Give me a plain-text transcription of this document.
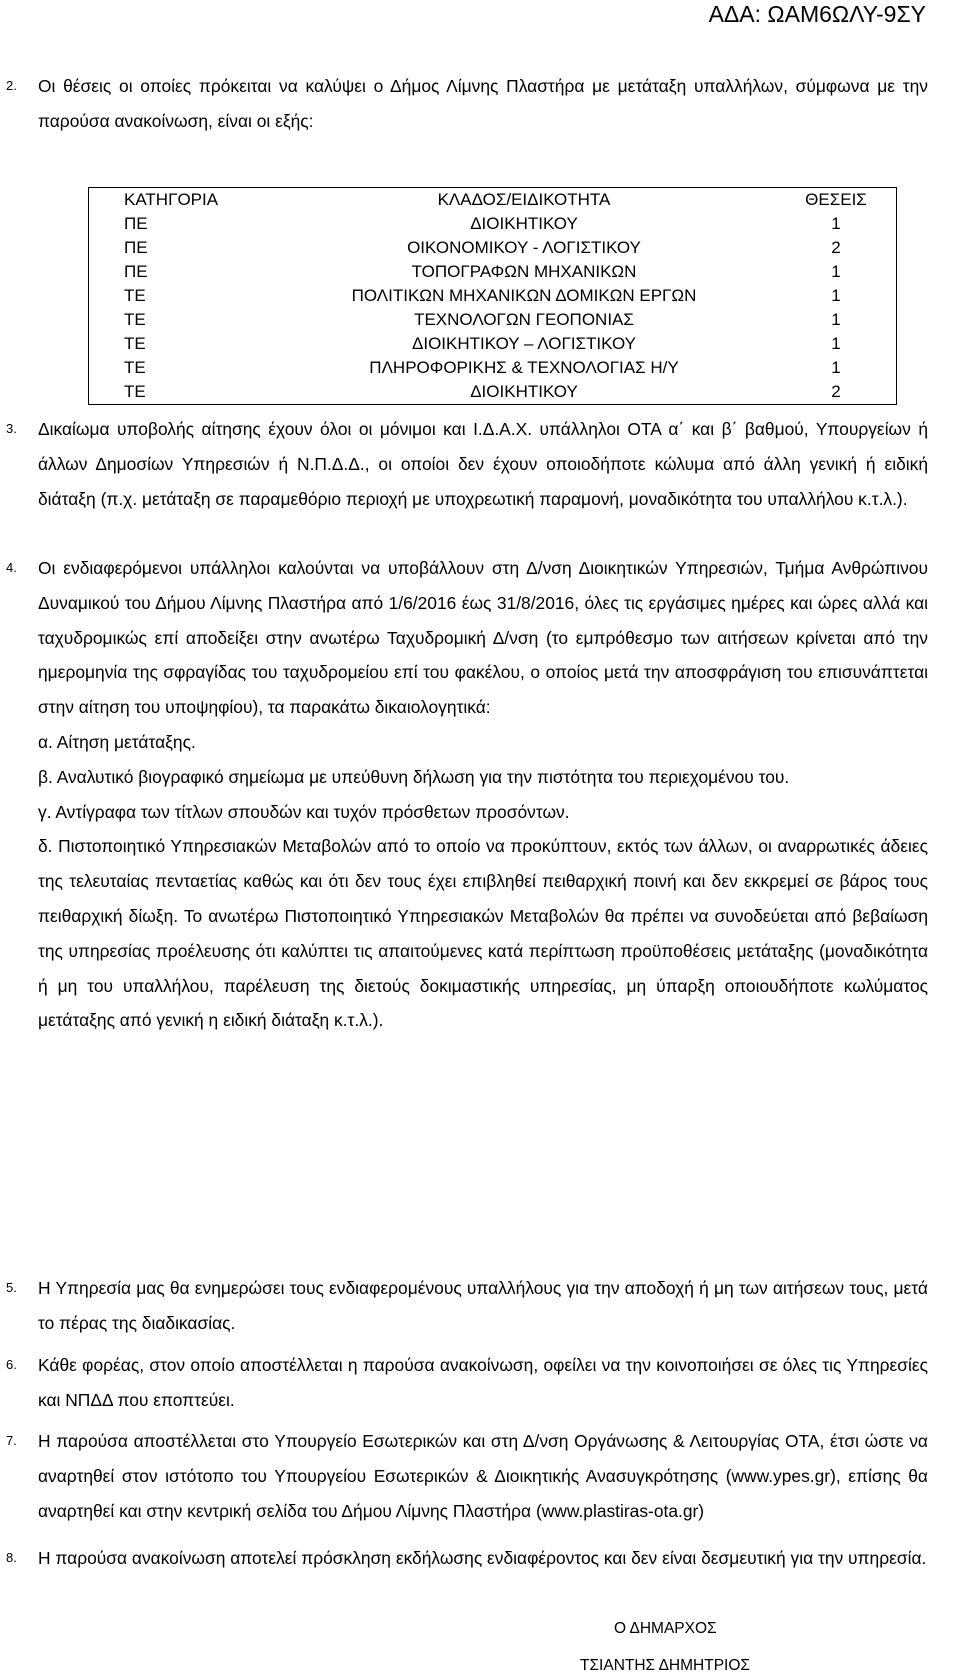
ΑΔΑ: ΩΑΜ6ΩΛΥ-9ΣΥ
2. Οι θέσεις οι οποίες πρόκειται να καλύψει ο Δήμος Λίμνης Πλαστήρα με μετάταξη υπαλλήλων, σύμφωνα με την παρούσα ανακοίνωση, είναι οι εξής:
ΚΑΤΗΓΟΡΙΑ	ΚΛΑΔΟΣ/ΕΙΔΙΚΟΤΗΤΑ	ΘΕΣΕΙΣ
ΠΕ	ΔΙΟΙΚΗΤΙΚΟΥ	1
ΠΕ	ΟΙΚΟΝΟΜΙΚΟΥ - ΛΟΓΙΣΤΙΚΟΥ	2
ΠΕ	ΤΟΠΟΓΡΑΦΩΝ ΜΗΧΑΝΙΚΩΝ	1
ΤΕ	ΠΟΛΙΤΙΚΩΝ ΜΗΧΑΝΙΚΩΝ ΔΟΜΙΚΩΝ ΕΡΓΩΝ	1
ΤΕ	ΤΕΧΝΟΛΟΓΩΝ ΓΕΟΠΟΝΙΑΣ	1
ΤΕ	ΔΙΟΙΚΗΤΙΚΟΥ – ΛΟΓΙΣΤΙΚΟΥ	1
ΤΕ	ΠΛΗΡΟΦΟΡΙΚΗΣ & ΤΕΧΝΟΛΟΓΙΑΣ Η/Υ	1
ΤΕ	ΔΙΟΙΚΗΤΙΚΟΥ	2
3. Δικαίωμα υποβολής αίτησης έχουν όλοι οι μόνιμοι και Ι.Δ.Α.Χ. υπάλληλοι ΟΤΑ α΄ και β΄ βαθμού, Υπουργείων ή άλλων Δημοσίων Υπηρεσιών ή Ν.Π.Δ.Δ., οι οποίοι δεν έχουν οποιοδήποτε κώλυμα από άλλη γενική ή ειδική διάταξη (π.χ. μετάταξη σε παραμεθόριο περιοχή με υποχρεωτική παραμονή, μοναδικότητα του υπαλλήλου κ.τ.λ.).
4. Οι ενδιαφερόμενοι υπάλληλοι καλούνται να υποβάλλουν στη Δ/νση Διοικητικών Υπηρεσιών, Τμήμα Ανθρώπινου Δυναμικού του Δήμου Λίμνης Πλαστήρα από 1/6/2016 έως 31/8/2016, όλες τις εργάσιμες ημέρες και ώρες αλλά και ταχυδρομικώς επί αποδείξει στην ανωτέρω Ταχυδρομική Δ/νση (το εμπρόθεσμο των αιτήσεων κρίνεται από την ημερομηνία της σφραγίδας του ταχυδρομείου επί του φακέλου, ο οποίος μετά την αποσφράγιση του επισυνάπτεται στην αίτηση του υποψηφίου), τα παρακάτω δικαιολογητικά:
α. Αίτηση μετάταξης.
β. Αναλυτικό βιογραφικό σημείωμα με υπεύθυνη δήλωση για την πιστότητα του περιεχομένου του.
γ. Αντίγραφα των τίτλων σπουδών και τυχόν πρόσθετων προσόντων.
δ. Πιστοποιητικό Υπηρεσιακών Μεταβολών από το οποίο να προκύπτουν, εκτός των άλλων, οι αναρρωτικές άδειες της τελευταίας πενταετίας καθώς και ότι δεν τους έχει επιβληθεί πειθαρχική ποινή και δεν εκκρεμεί σε βάρος τους πειθαρχική δίωξη. Το ανωτέρω Πιστοποιητικό Υπηρεσιακών Μεταβολών θα πρέπει να συνοδεύεται από βεβαίωση της υπηρεσίας προέλευσης ότι καλύπτει τις απαιτούμενες κατά περίπτωση προϋποθέσεις μετάταξης (μοναδικότητα ή μη του υπαλλήλου, παρέλευση της διετούς δοκιμαστικής υπηρεσίας, μη ύπαρξη οποιουδήποτε κωλύματος μετάταξης από γενική η ειδική διάταξη κ.τ.λ.).
5. Η Υπηρεσία μας θα ενημερώσει τους ενδιαφερομένους υπαλλήλους για την αποδοχή ή μη των αιτήσεων τους, μετά το πέρας της διαδικασίας.
6. Κάθε φορέας, στον οποίο αποστέλλεται η παρούσα ανακοίνωση, οφείλει να την κοινοποιήσει σε όλες τις Υπηρεσίες και ΝΠΔΔ που εποπτεύει.
7. Η παρούσα αποστέλλεται στο Υπουργείο Εσωτερικών και στη Δ/νση Οργάνωσης & Λειτουργίας ΟΤΑ, έτσι ώστε να αναρτηθεί στον ιστότοπο του Υπουργείου Εσωτερικών & Διοικητικής Ανασυγκρότησης (www.ypes.gr), επίσης θα αναρτηθεί και στην κεντρική σελίδα του Δήμου Λίμνης Πλαστήρα (www.plastiras-ota.gr)
8. Η παρούσα ανακοίνωση αποτελεί πρόσκληση εκδήλωσης ενδιαφέροντος και δεν είναι δεσμευτική για την υπηρεσία.
Ο ΔΗΜΑΡΧΟΣ
ΤΣΙΑΝΤΗΣ ΔΗΜΗΤΡΙΟΣ
